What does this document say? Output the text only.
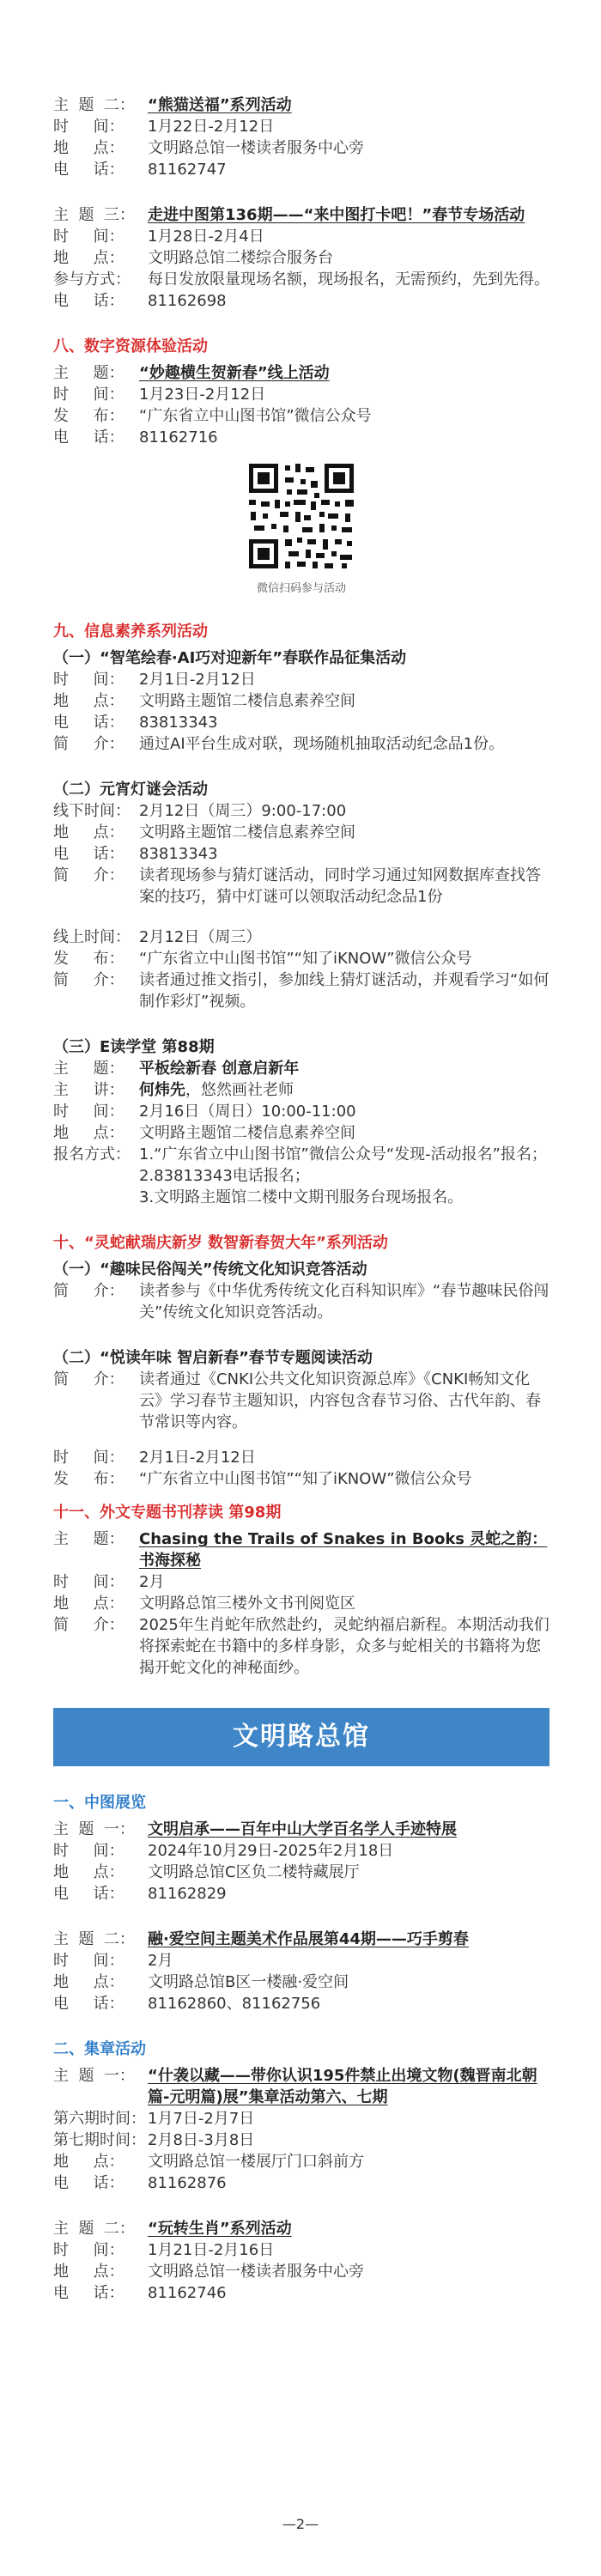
主  题  二： “熊猫送福”系列活动
时     间：	1月22日-2月12日
地     点：	文明路总馆一楼读者服务中心旁
电     话：	81162747
主  题  三： 走进中图第136期——“来中图打卡吧！”春节专场活动
时     间：	1月28日-2月4日
地     点：	文明路总馆二楼综合服务台
参与方式：	每日发放限量现场名额，现场报名，无需预约，先到先得。
电     话：	81162698
八、数字资源体验活动
主     题： “妙趣横生贺新春”线上活动
时     间： 1月23日-2月12日
发     布： “广东省立中山图书馆”微信公众号
电     话： 81162716
微信扫码参与活动
九、信息素养系列活动
（一）“智笔绘春·AI巧对迎新年”春联作品征集活动
时     间： 2月1日-2月12日
地     点： 文明路主题馆二楼信息素养空间
电     话： 83813343
简     介： 通过AI平台生成对联，现场随机抽取活动纪念品1份。
（二）元宵灯谜会活动
线下时间： 2月12日（周三）9:00-17:00
地     点： 文明路主题馆二楼信息素养空间
电     话： 83813343
简     介： 读者现场参与猜灯谜活动，同时学习通过知网数据库查找答案的技巧，猜中灯谜可以领取活动纪念品1份
线上时间： 2月12日（周三）
发     布： “广东省立中山图书馆”“知了iKNOW”微信公众号
简     介： 读者通过推文指引，参加线上猜灯谜活动，并观看学习“如何制作彩灯”视频。
（三）E读学堂 第88期
主     题： 平板绘新春 创意启新年
主     讲： 何炜先，悠然画社老师
时     间： 2月16日（周日）10:00-11:00
地     点： 文明路主题馆二楼信息素养空间
报名方式： 1.“广东省立中山图书馆”微信公众号“发现-活动报名”报名；
2.83813343电话报名；
3.文明路主题馆二楼中文期刊服务台现场报名。
十、“灵蛇献瑞庆新岁 数智新春贺大年”系列活动
（一）“趣味民俗闯关”传统文化知识竞答活动
简     介： 读者参与《中华优秀传统文化百科知识库》“春节趣味民俗闯关”传统文化知识竞答活动。
（二）“悦读年味 智启新春”春节专题阅读活动
简     介： 读者通过《CNKI公共文化知识资源总库》《CNKI畅知文化云》学习春节主题知识，内容包含春节习俗、古代年韵、春节常识等内容。
时     间： 2月1日-2月12日
发     布： “广东省立中山图书馆”“知了iKNOW”微信公众号
十一、外文专题书刊荐读 第98期
主     题： Chasing the Trails of Snakes in Books 灵蛇之韵：书海探秘
时     间： 2月
地     点： 文明路总馆三楼外文书刊阅览区
简     介： 2025年生肖蛇年欣然赴约，灵蛇纳福启新程。本期活动我们将探索蛇在书籍中的多样身影，众多与蛇相关的书籍将为您揭开蛇文化的神秘面纱。
文明路总馆
一、中图展览
主  题  一： 文明启承——百年中山大学百名学人手迹特展
时     间：	2024年10月29日-2025年2月18日
地     点：	文明路总馆C区负二楼特藏展厅
电     话：	81162829
主  题  二： 融·爱空间主题美术作品展第44期——巧手剪春
时     间：	2月
地     点：	文明路总馆B区一楼融·爱空间
电     话：	81162860、81162756
二、集章活动
主  题  一： “什袭以藏——带你认识195件禁止出境文物(魏晋南北朝篇-元明篇)展”集章活动第六、七期
第六期时间： 1月7日-2月7日
第七期时间： 2月8日-3月8日
地     点：	文明路总馆一楼展厅门口斜前方
电     话：	81162876
主  题  二： “玩转生肖”系列活动
时     间：	1月21日-2月16日
地     点：	文明路总馆一楼读者服务中心旁
电     话：	81162746
—2—
